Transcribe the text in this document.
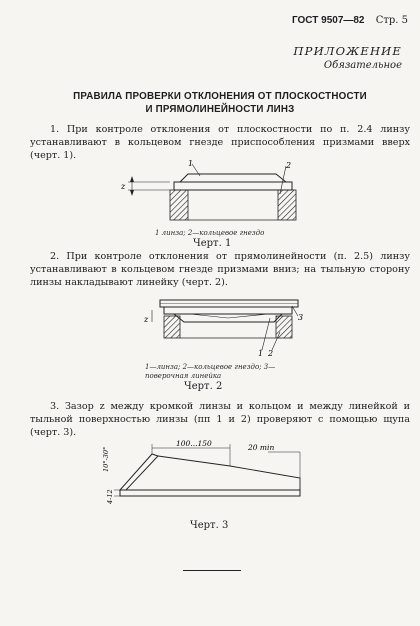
ГОСТ 9507—82 Стр. 5
ПРИЛОЖЕНИЕ
Обязательное
ПРАВИЛА ПРОВЕРКИ ОТКЛОНЕНИЯ ОТ ПЛОСКОСТНОСТИ
И ПРЯМОЛИНЕЙНОСТИ ЛИНЗ
1. При контроле отклонения от плоскостности по п. 2.4 линзу устанавливают в кольцевом гнезде приспособления призмами вверх (черт. 1).
z
1	2
1 линза; 2—кольцевое гнездо
Черт. 1
2. При контроле отклонения от прямолинейности (п. 2.5) линзу устанавливают в кольцевом гнезде призмами вниз; на тыльную сторону линзы накладывают линейку (черт. 2).
z
1 2
3
1—линза; 2—кольцевое гнездо; 3—поверочная линейка
Черт. 2
3. Зазор z между кромкой линзы и кольцом и между линейкой и тыльной поверхностью линзы (пп 1 и 2) проверяют с помощью щупа (черт. 3).
100...150	20 min
10°-30°
4-12
Черт. 3
